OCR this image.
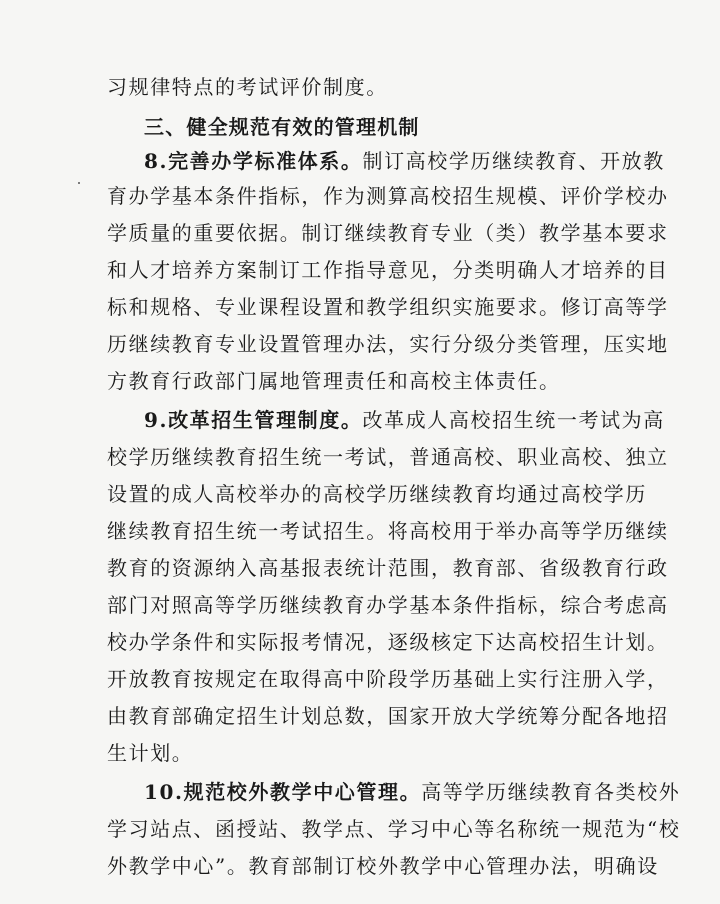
习规律特点的考试评价制度。
三、健全规范有效的管理机制
8.完善办学标准体系。制订高校学历继续教育、开放教
育办学基本条件指标，作为测算高校招生规模、评价学校办
学质量的重要依据。制订继续教育专业（类）教学基本要求
和人才培养方案制订工作指导意见，分类明确人才培养的目
标和规格、专业课程设置和教学组织实施要求。修订高等学
历继续教育专业设置管理办法，实行分级分类管理，压实地
方教育行政部门属地管理责任和高校主体责任。
9.改革招生管理制度。改革成人高校招生统一考试为高
校学历继续教育招生统一考试，普通高校、职业高校、独立
设置的成人高校举办的高校学历继续教育均通过高校学历
继续教育招生统一考试招生。将高校用于举办高等学历继续
教育的资源纳入高基报表统计范围，教育部、省级教育行政
部门对照高等学历继续教育办学基本条件指标，综合考虑高
校办学条件和实际报考情况，逐级核定下达高校招生计划。
开放教育按规定在取得高中阶段学历基础上实行注册入学，
由教育部确定招生计划总数，国家开放大学统筹分配各地招
生计划。
10.规范校外教学中心管理。高等学历继续教育各类校外
学习站点、函授站、教学点、学习中心等名称统一规范为“校
外教学中心”。教育部制订校外教学中心管理办法，明确设
